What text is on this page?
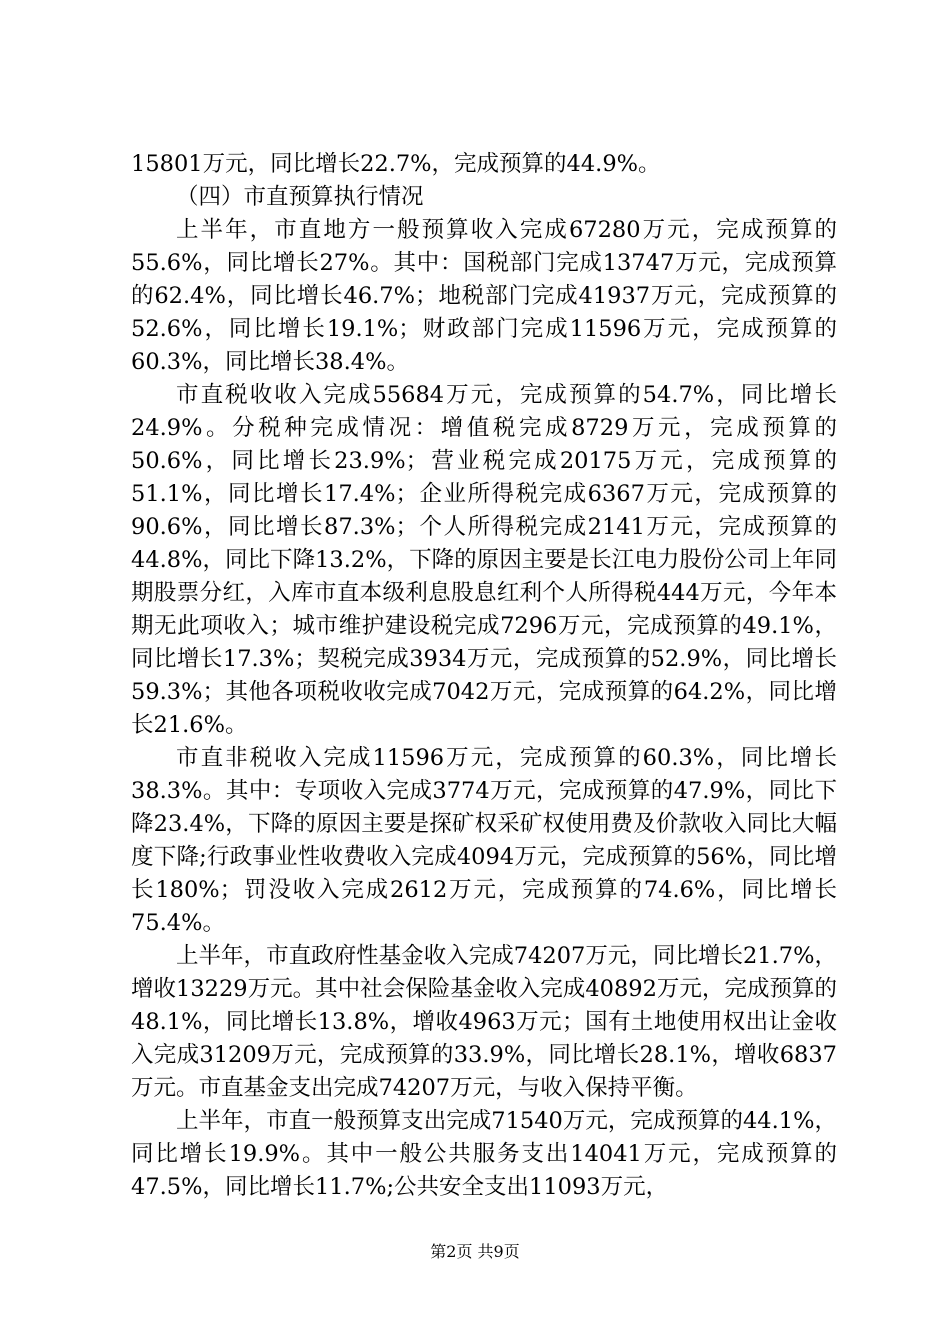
15801万元，同比增长22.7%，完成预算的44.9%。

（四）市直预算执行情况

上半年，市直地方一般预算收入完成67280万元，完成预算的55.6%，同比增长27%。其中：国税部门完成13747万元，完成预算的62.4%，同比增长46.7%；地税部门完成41937万元，完成预算的52.6%，同比增长19.1%；财政部门完成11596万元，完成预算的60.3%，同比增长38.4%。

市直税收收入完成55684万元，完成预算的54.7%，同比增长24.9%。分税种完成情况：增值税完成8729万元，完成预算的50.6%，同比增长23.9%；营业税完成20175万元，完成预算的51.1%，同比增长17.4%；企业所得税完成6367万元，完成预算的90.6%，同比增长87.3%；个人所得税完成2141万元，完成预算的44.8%，同比下降13.2%，下降的原因主要是长江电力股份公司上年同期股票分红，入库市直本级利息股息红利个人所得税444万元，今年本期无此项收入；城市维护建设税完成7296万元，完成预算的49.1%，同比增长17.3%；契税完成3934万元，完成预算的52.9%，同比增长59.3%；其他各项税收收完成7042万元，完成预算的64.2%，同比增长21.6%。

市直非税收入完成11596万元，完成预算的60.3%，同比增长38.3%。其中：专项收入完成3774万元，完成预算的47.9%，同比下降23.4%，下降的原因主要是探矿权采矿权使用费及价款收入同比大幅度下降;行政事业性收费收入完成4094万元，完成预算的56%，同比增长180%；罚没收入完成2612万元，完成预算的74.6%，同比增长75.4%。

上半年，市直政府性基金收入完成74207万元，同比增长21.7%，增收13229万元。其中社会保险基金收入完成40892万元，完成预算的48.1%，同比增长13.8%，增收4963万元；国有土地使用权出让金收入完成31209万元，完成预算的33.9%，同比增长28.1%，增收6837万元。市直基金支出完成74207万元，与收入保持平衡。

上半年，市直一般预算支出完成71540万元，完成预算的44.1%，同比增长19.9%。其中一般公共服务支出14041万元，完成预算的47.5%，同比增长11.7%;公共安全支出11093万元，

第2页 共9页
